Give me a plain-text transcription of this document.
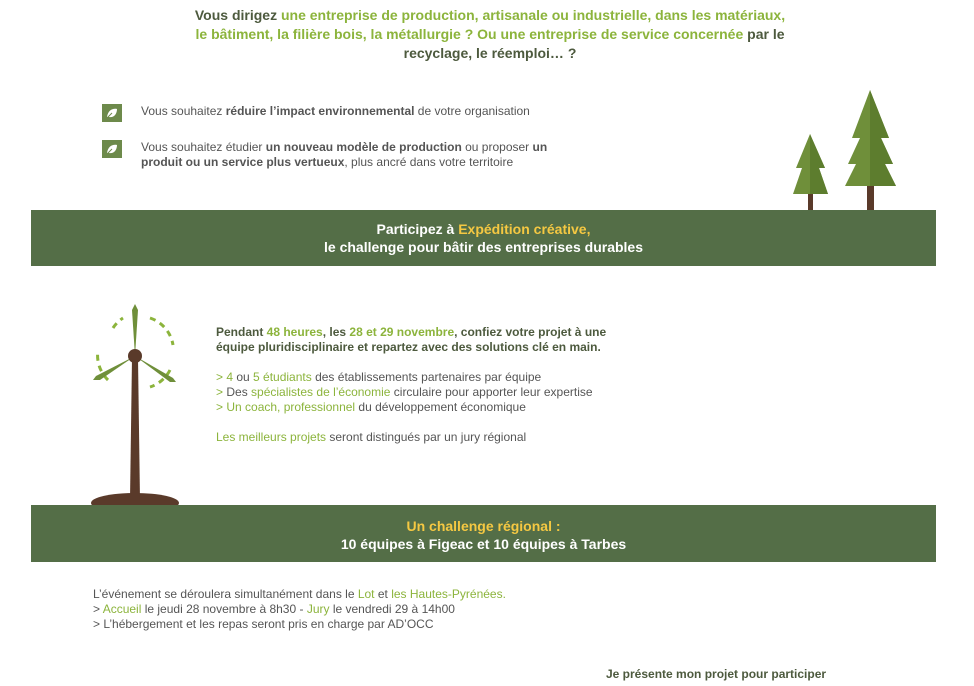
Vous dirigez une entreprise de production, artisanale ou industrielle, dans les matériaux, le bâtiment, la filière bois, la métallurgie ? Ou une entreprise de service concernée par le recyclage, le réemploi… ?
Vous souhaitez réduire l’impact environnemental de votre organisation
Vous souhaitez étudier un nouveau modèle de production ou proposer un produit ou un service plus vertueux, plus ancré dans votre territoire
Participez à Expédition créative,
le challenge pour bâtir des entreprises durables

Pendant 48 heures, les 28 et 29 novembre, confiez votre projet à une équipe pluridisciplinaire et repartez avec des solutions clé en main.

> 4 ou 5 étudiants des établissements partenaires par équipe

> Des spécialistes de l’économie circulaire pour apporter leur expertise

> Un coach, professionnel du développement économique

Les meilleurs projets seront distingués par un jury régional

Un challenge régional :
10 équipes à Figeac et 10 équipes à Tarbes

L’événement se déroulera simultanément dans le Lot et les Hautes-Pyrénées.

> Accueil le jeudi 28 novembre à 8h30 - Jury le vendredi 29 à 14h00

> L’hébergement et les repas seront pris en charge par AD’OCC

Je présente mon projet pour participer
